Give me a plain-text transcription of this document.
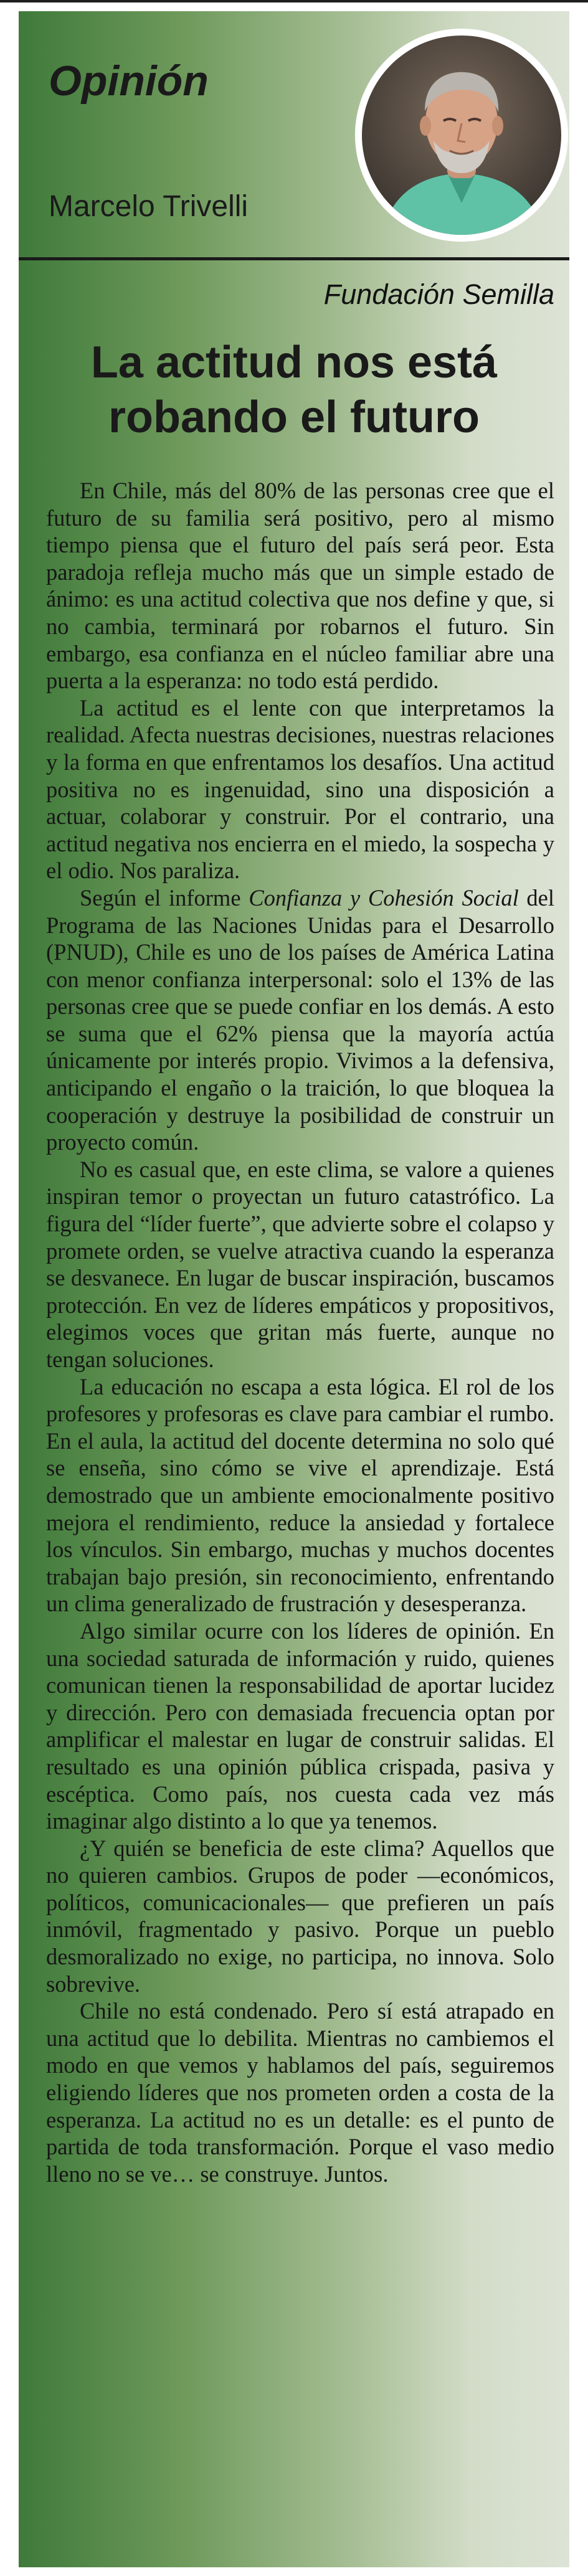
Opinión
Marcelo Trivelli
Fundación Semilla
La actitud nos está
robando el futuro

En Chile, más del 80% de las personas cree que el futuro de su familia será positivo, pero al mismo tiempo piensa que el futuro del país será peor. Esta paradoja refleja mucho más que un simple estado de ánimo: es una actitud colectiva que nos define y que, si no cambia, terminará por robarnos el futuro. Sin embargo, esa confianza en el núcleo familiar abre una puerta a la esperanza: no todo está perdido.

La actitud es el lente con que interpretamos la realidad. Afecta nuestras decisiones, nuestras relaciones y la forma en que enfrentamos los desafíos. Una actitud positiva no es ingenuidad, sino una disposición a actuar, colaborar y construir. Por el contrario, una actitud negativa nos encierra en el miedo, la sospecha y el odio. Nos paraliza.

Según el informe Confianza y Cohesión Social del Programa de las Naciones Unidas para el Desarrollo (PNUD), Chile es uno de los países de América Latina con menor confianza interpersonal: solo el 13% de las personas cree que se puede confiar en los demás. A esto se suma que el 62% piensa que la mayoría actúa únicamente por interés propio. Vivimos a la defensiva, anticipando el engaño o la traición, lo que bloquea la cooperación y destruye la posibilidad de construir un proyecto común.

No es casual que, en este clima, se valore a quienes inspiran temor o proyectan un futuro catastrófico. La figura del “líder fuerte”, que advierte sobre el colapso y promete orden, se vuelve atractiva cuando la esperanza se desvanece. En lugar de buscar inspiración, buscamos protección. En vez de líderes empáticos y propositivos, elegimos voces que gritan más fuerte, aunque no tengan soluciones.

La educación no escapa a esta lógica. El rol de los profesores y profesoras es clave para cambiar el rumbo. En el aula, la actitud del docente determina no solo qué se enseña, sino cómo se vive el aprendizaje. Está demostrado que un ambiente emocionalmente positivo mejora el rendimiento, reduce la ansiedad y fortalece los vínculos. Sin embargo, muchas y muchos docentes trabajan bajo presión, sin reconocimiento, enfrentando un clima generalizado de frustración y desesperanza.

Algo similar ocurre con los líderes de opinión. En una sociedad saturada de información y ruido, quienes comunican tienen la responsabilidad de aportar lucidez y dirección. Pero con demasiada frecuencia optan por amplificar el malestar en lugar de construir salidas. El resultado es una opinión pública crispada, pasiva y escéptica. Como país, nos cuesta cada vez más imaginar algo distinto a lo que ya tenemos.

¿Y quién se beneficia de este clima? Aquellos que no quieren cambios. Grupos de poder —económicos, políticos, comunicacionales— que prefieren un país inmóvil, fragmentado y pasivo. Porque un pueblo desmoralizado no exige, no participa, no innova. Solo sobrevive.

Chile no está condenado. Pero sí está atrapado en una actitud que lo debilita. Mientras no cambiemos el modo en que vemos y hablamos del país, seguiremos eligiendo líderes que nos prometen orden a costa de la esperanza. La actitud no es un detalle: es el punto de partida de toda transformación. Porque el vaso medio lleno no se ve… se construye. Juntos.
